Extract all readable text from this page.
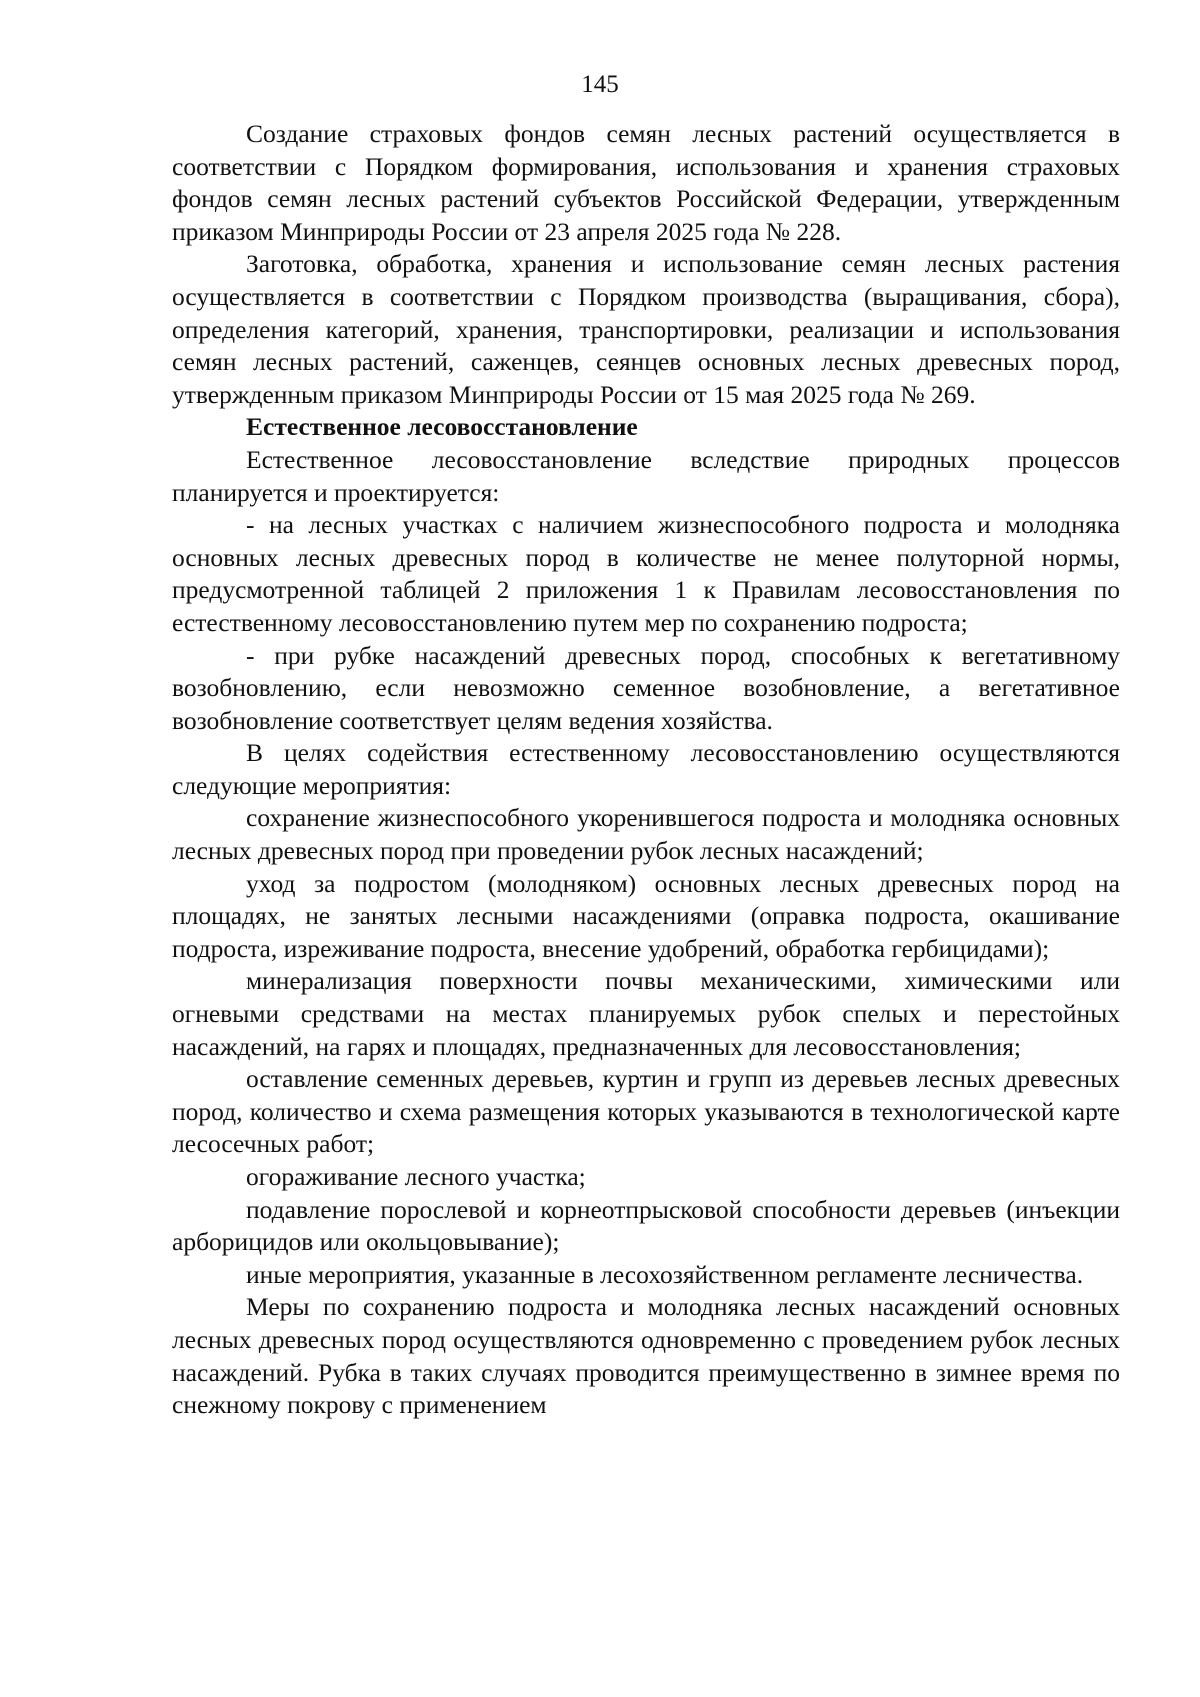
145

Создание страховых фондов семян лесных растений осуществляется в соответствии с Порядком формирования, использования и хранения страховых фондов семян лесных растений субъектов Российской Федерации, утвержденным приказом Минприроды России от 23 апреля 2025 года № 228.

Заготовка, обработка, хранения и использование семян лесных растения осуществляется в соответствии с Порядком производства (выращивания, сбора), определения категорий, хранения, транспортировки, реализации и использования семян лесных растений, саженцев, сеянцев основных лесных древесных пород, утвержденным приказом Минприроды России от 15 мая 2025 года № 269.

Естественное лесовосстановление

Естественное лесовосстановление вследствие природных процессов планируется и проектируется:

- на лесных участках с наличием жизнеспособного подроста и молодняка основных лесных древесных пород в количестве не менее полуторной нормы, предусмотренной таблицей 2 приложения 1 к Правилам лесовосстановления по естественному лесовосстановлению путем мер по сохранению подроста;

- при рубке насаждений древесных пород, способных к вегетативному возобновлению, если невозможно семенное возобновление, а вегетативное возобновление соответствует целям ведения хозяйства.

В целях содействия естественному лесовосстановлению осуществляются следующие мероприятия:

сохранение жизнеспособного укоренившегося подроста и молодняка основных лесных древесных пород при проведении рубок лесных насаждений;

уход за подростом (молодняком) основных лесных древесных пород на площадях, не занятых лесными насаждениями (оправка подроста, окашивание подроста, изреживание подроста, внесение удобрений, обработка гербицидами);

минерализация поверхности почвы механическими, химическими или огневыми средствами на местах планируемых рубок спелых и перестойных насаждений, на гарях и площадях, предназначенных для лесовосстановления;

оставление семенных деревьев, куртин и групп из деревьев лесных древесных пород, количество и схема размещения которых указываются в технологической карте лесосечных работ;

огораживание лесного участка;

подавление порослевой и корнеотпрысковой способности деревьев (инъекции арборицидов или окольцовывание);

иные мероприятия, указанные в лесохозяйственном регламенте лесничества.

Меры по сохранению подроста и молодняка лесных насаждений основных лесных древесных пород осуществляются одновременно с проведением рубок лесных насаждений. Рубка в таких случаях проводится преимущественно в зимнее время по снежному покрову с применением
